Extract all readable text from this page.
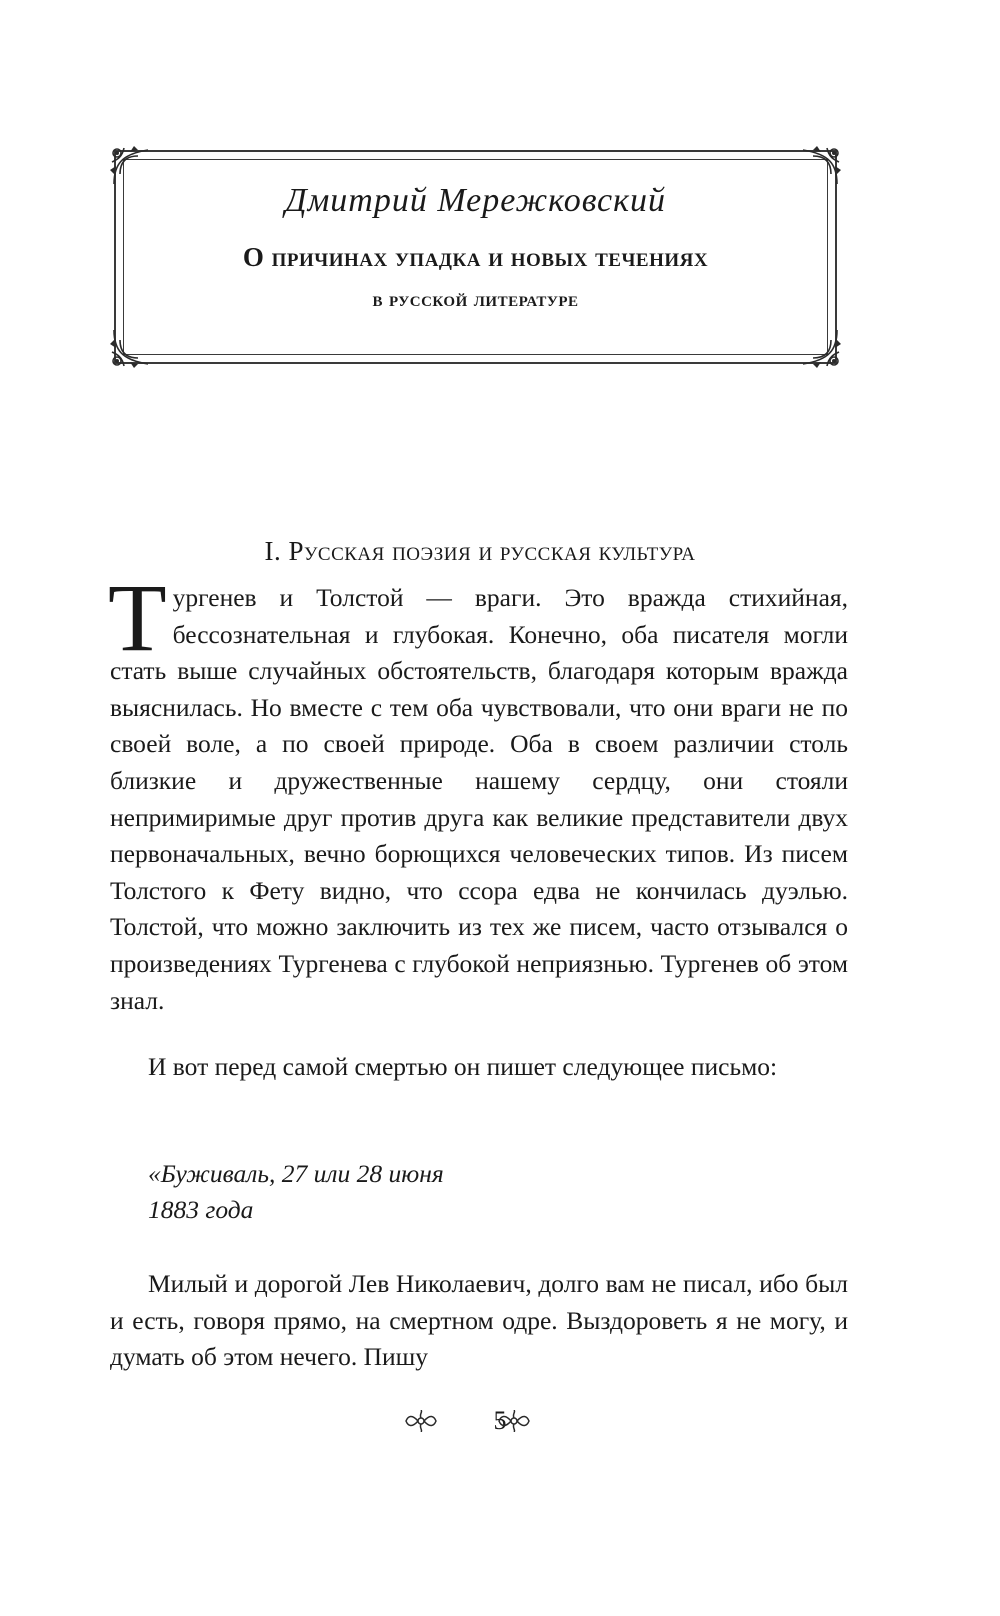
Дмитрий Мережковский
О причинах упадка и новых течениях
в русской литературе
I. Русская поэзия и русская культура
Т ургенев и Толстой — враги. Это вражда стихийная, бессознательная и глубокая. Конечно, оба писателя могли стать выше случайных обстоятельств, благодаря которым вражда выяснилась. Но вместе с тем оба чувствовали, что они враги не по своей воле, а по своей природе. Оба в своем различии столь близкие и дружественные нашему сердцу, они стояли непримиримые друг против друга как великие представители двух первоначальных, вечно борющихся человеческих типов. Из писем Толстого к Фету видно, что ссора едва не кончилась дуэлью. Толстой, что можно заключить из тех же писем, часто отзывался о произведениях Тургенева с глубокой неприязнью. Тургенев об этом знал.
И вот перед самой смертью он пишет следующее письмо:
«Буживаль, 27 или 28 июня
1883 года
Милый и дорогой Лев Николаевич, долго вам не писал, ибо был и есть, говоря прямо, на смертном одре. Выздороветь я не могу, и думать об этом нечего. Пишу
5
